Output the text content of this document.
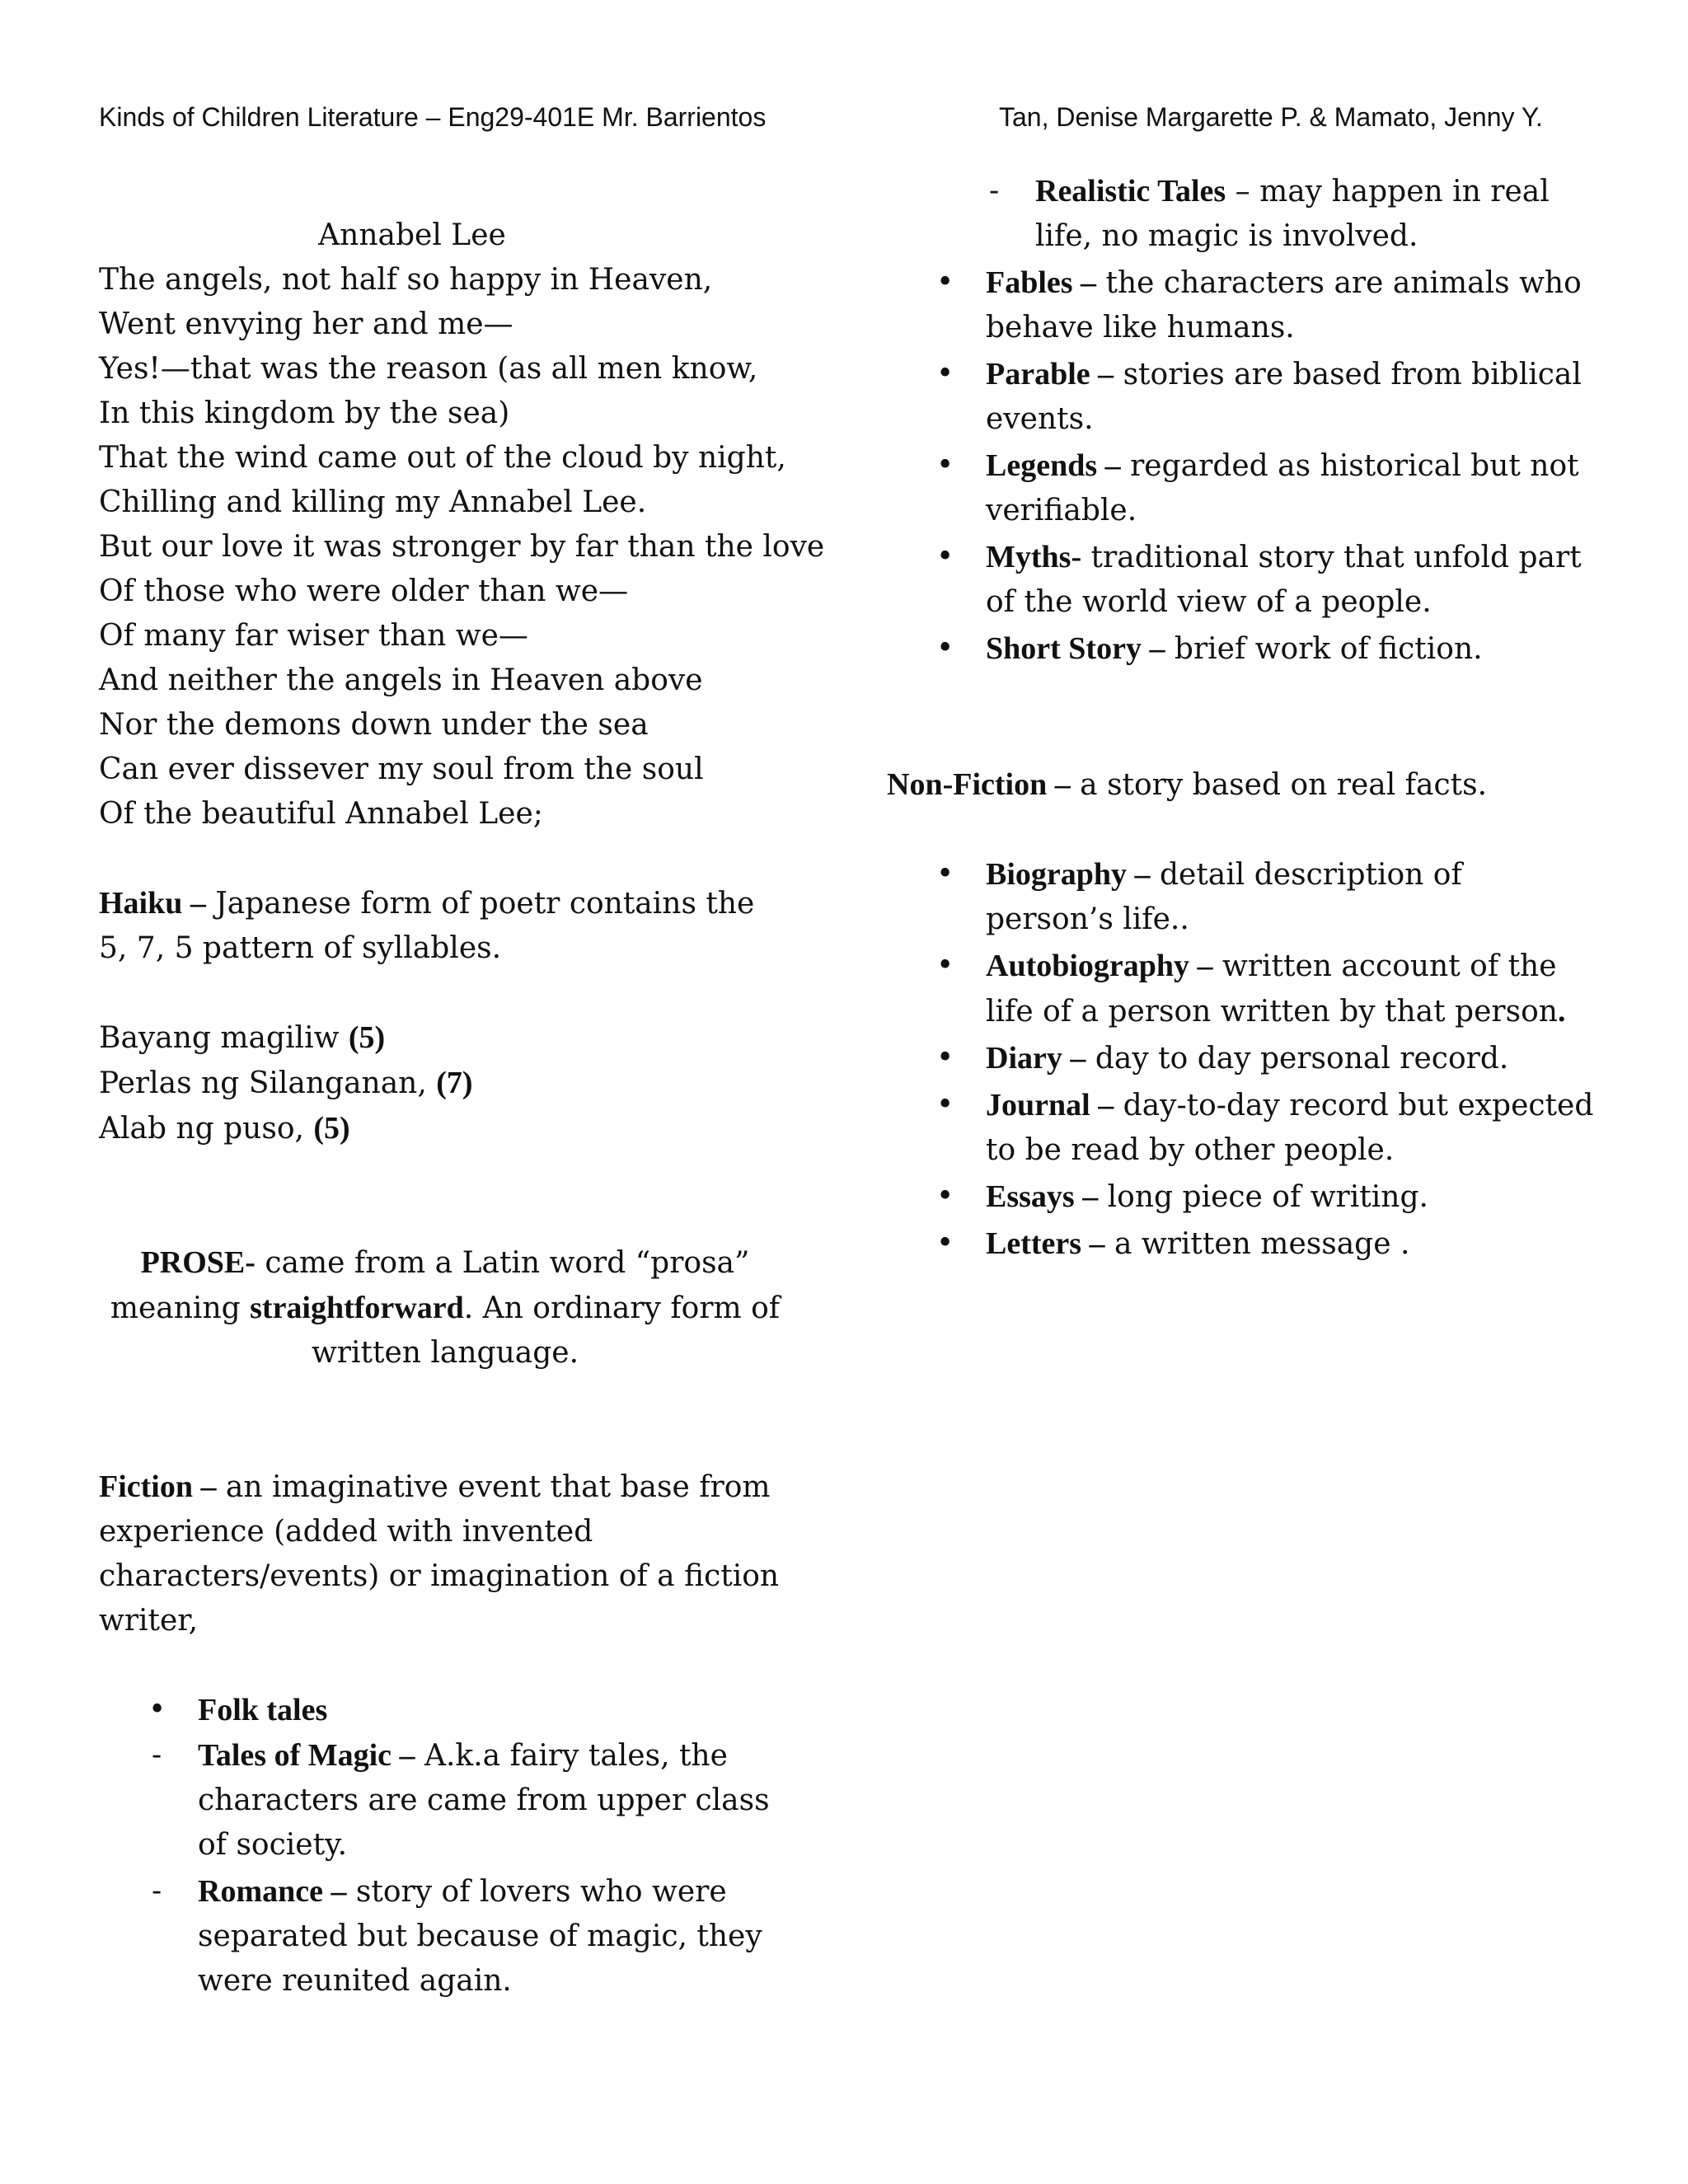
Kinds of Children Literature – Eng29-401E Mr. Barrientos	Tan, Denise Margarette P. & Mamato, Jenny Y.
Annabel Lee
The angels, not half so happy in Heaven,
Went envying her and me—
Yes!—that was the reason (as all men know,
In this kingdom by the sea)
That the wind came out of the cloud by night,
Chilling and killing my Annabel Lee.
But our love it was stronger by far than the love
Of those who were older than we—
Of many far wiser than we—
And neither the angels in Heaven above
Nor the demons down under the sea
Can ever dissever my soul from the soul
Of the beautiful Annabel Lee;
Haiku – Japanese form of poetr contains the 5, 7, 5 pattern of syllables.
Bayang magiliw (5)
Perlas ng Silanganan, (7)
Alab ng puso, (5)
PROSE- came from a Latin word “prosa” meaning straightforward. An ordinary form of written language.
Fiction – an imaginative event that base from experience (added with invented characters/events) or imagination of a fiction writer,
• Folk tales
-	Tales of Magic – A.k.a fairy tales, the characters are came from upper class of society.
-	Romance – story of lovers who were separated but because of magic, they were reunited again.
-	Realistic Tales – may happen in real life, no magic is involved.
• Fables – the characters are animals who behave like humans.
• Parable – stories are based from biblical events.
• Legends – regarded as historical but not verifiable.
• Myths- traditional story that unfold part of the world view of a people.
• Short Story – brief work of fiction.
Non-Fiction – a story based on real facts.
• Biography – detail description of person’s life..
• Autobiography – written account of the life of a person written by that person.
• Diary – day to day personal record.
• Journal – day-to-day record but expected to be read by other people.
• Essays – long piece of writing.
• Letters – a written message .
